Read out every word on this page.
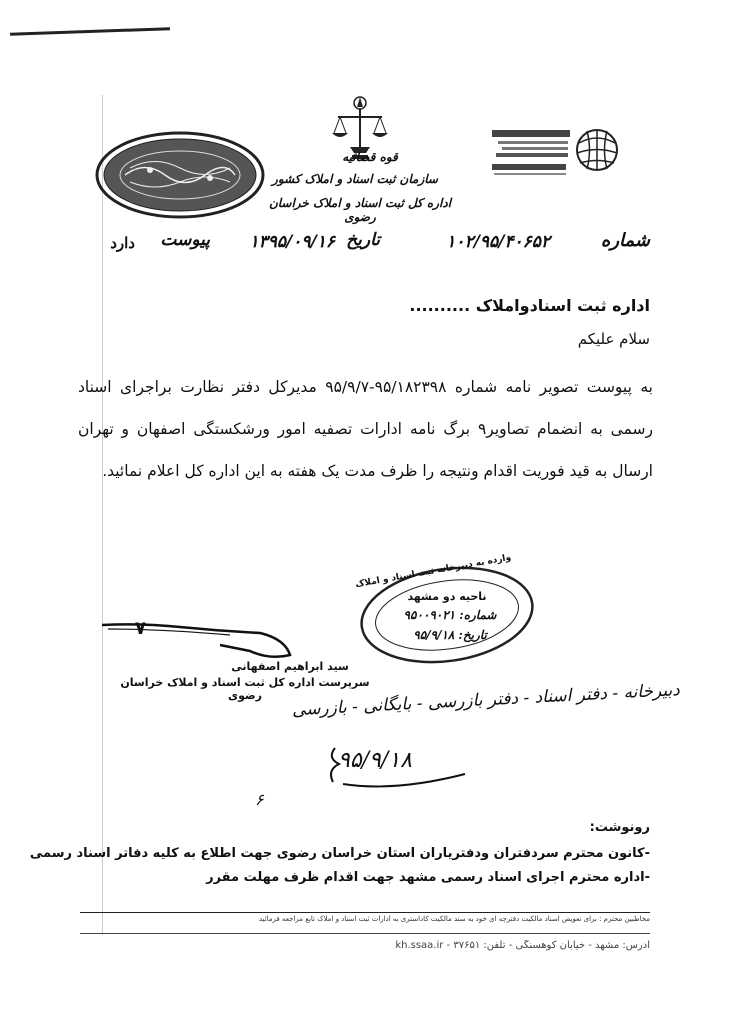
قوه قضائیه
سازمان ثبت اسناد و املاک کشور
اداره کل ثبت اسناد و املاک خراسان رضوی
شماره
۱۰۲/۹۵/۴۰۶۵۲
تاریخ
۱۳۹۵/۰۹/۱۶
پیوست
دارد
اداره ثبت اسنادواملاک ..........
سلام علیکم
به پیوست تصویر نامه شماره ۹۵/۱۸۲۳۹۸-۹۵/۹/۷ مدیرکل دفتر نظارت براجرای اسناد رسمی به انضمام تصاویر۹ برگ نامه ادارات تصفیه امور ورشکستگی اصفهان و تهران ارسال به قید فوریت اقدام ونتیجه را ظرف مدت یک هفته به این اداره کل اعلام نمائید.
وارده به دبیرخانه ثبت اسناد و املاک
ناحیه دو مشهد
شماره: ۹۵۰۰۹۰۲۱
تاریخ: ۹۵/۹/۱۸
۷
سید ابراهیم اصفهانی
سرپرست اداره کل ثبت اسناد و املاک خراسان رضوی	دبیرخانه - دفتر اسناد - دفتر بازرسی - بایگانی - بازرسی
۹۵/۹/۱۸
۶
رونوشت:
-کانون محترم سردفتران ودفتریاران استان خراسان رضوی جهت اطلاع به کلیه دفاتر اسناد رسمی
-اداره محترم اجرای اسناد رسمی مشهد جهت اقدام ظرف مهلت مقرر
مخاطبین محترم : برای تعویض اسناد مالکیت دفترچه ای خود به سند مالکیت کاداستری به ادارات ثبت اسناد و املاک تابع مراجعه فرمائید
آدرس: مشهد - خیابان کوهسنگی - تلفن: ۳۷۶۵۱ - kh.ssaa.ir
